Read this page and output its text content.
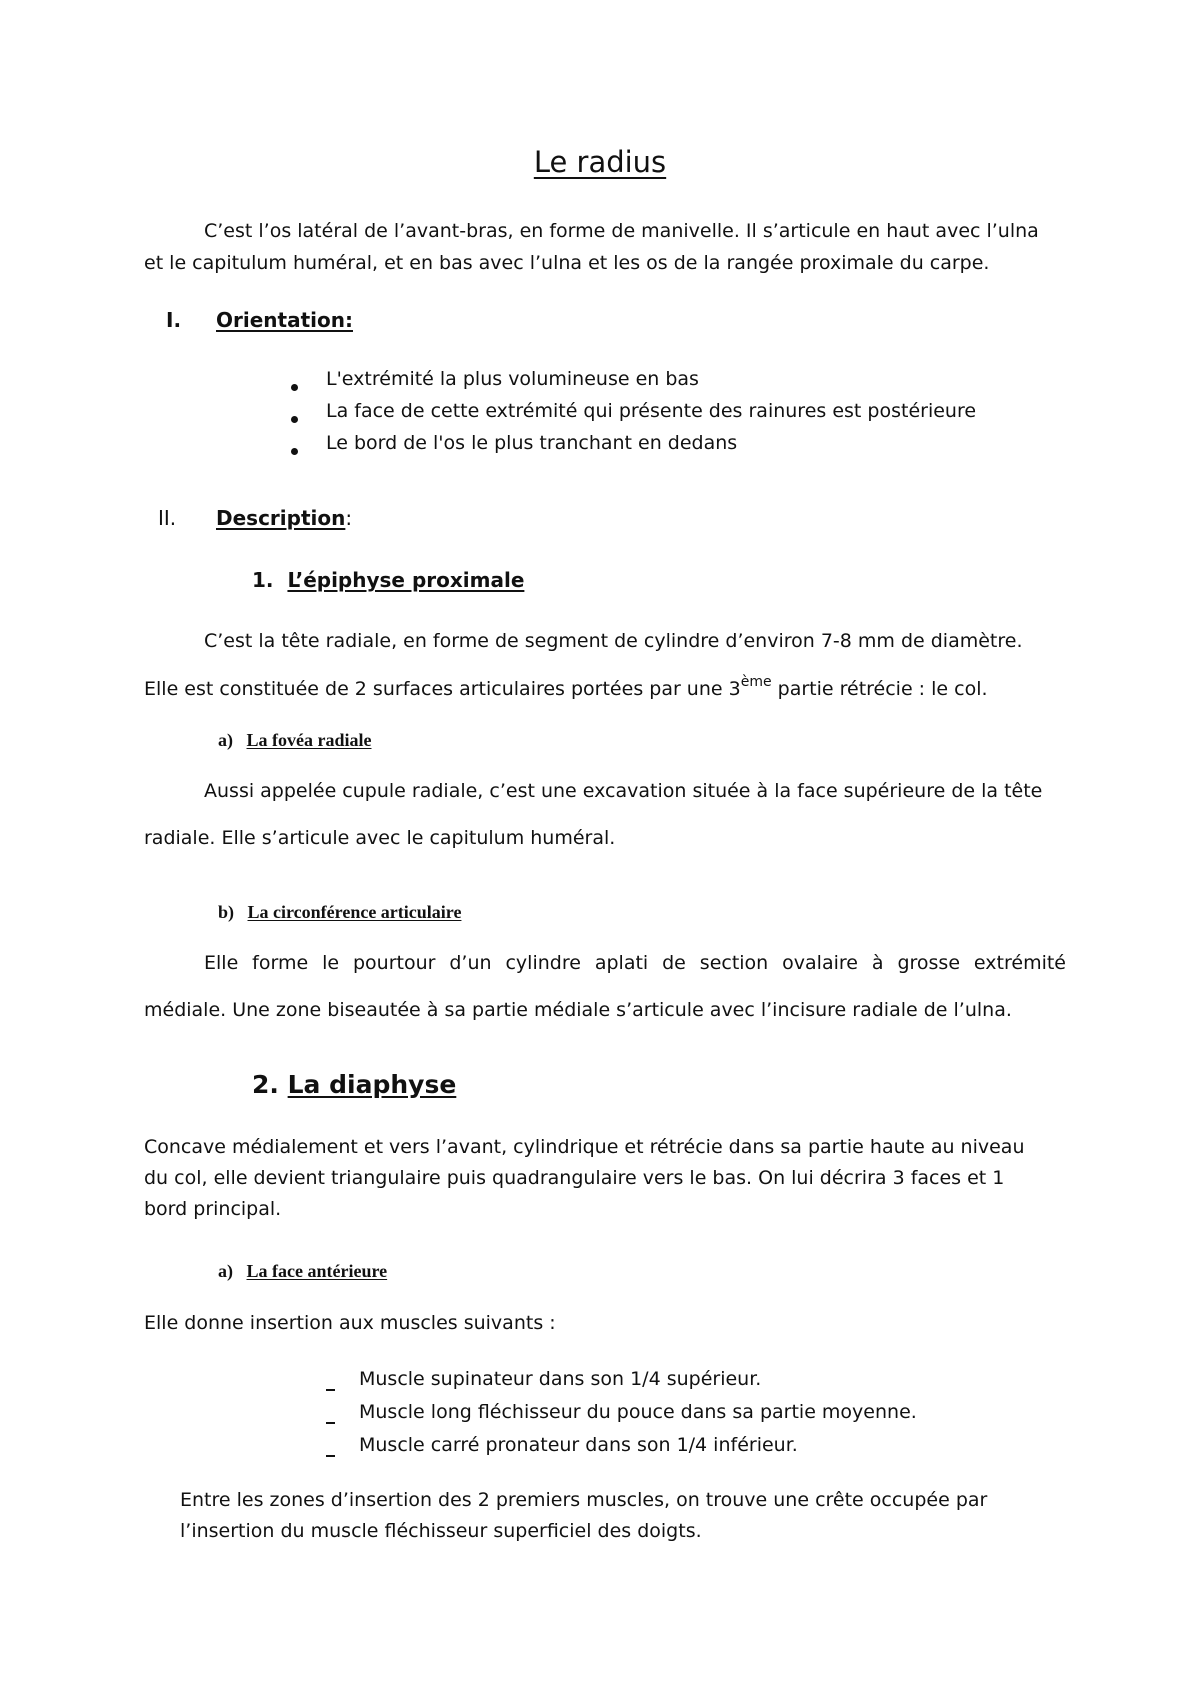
Le radius
C’est l’os latéral de l’avant-bras, en forme de manivelle. Il s’articule en haut avec l’ulna
et le capitulum huméral, et en bas avec l’ulna et les os de la rangée proximale du carpe.
I. Orientation:
L'extrémité la plus volumineuse en bas
La face de cette extrémité qui présente des rainures est postérieure
Le bord de l'os le plus tranchant en dedans
II. Description:
1. L’épiphyse proximale
C’est la tête radiale, en forme de segment de cylindre d’environ 7-8 mm de diamètre.
Elle est constituée de 2 surfaces articulaires portées par une 3ème partie rétrécie : le col.
a) La fovéa radiale
Aussi appelée cupule radiale, c’est une excavation située à la face supérieure de la tête
radiale. Elle s’articule avec le capitulum huméral.
b) La circonférence articulaire
Elle forme le pourtour d’un cylindre aplati de section ovalaire à grosse extrémité
médiale. Une zone biseautée à sa partie médiale s’articule avec l’incisure radiale de l’ulna.
2. La diaphyse
Concave médialement et vers l’avant, cylindrique et rétrécie dans sa partie haute au niveau
du col, elle devient triangulaire puis quadrangulaire vers le bas. On lui décrira 3 faces et 1
bord principal.
a) La face antérieure
Elle donne insertion aux muscles suivants :
Muscle supinateur dans son 1/4 supérieur.
Muscle long fléchisseur du pouce dans sa partie moyenne.
Muscle carré pronateur dans son 1/4 inférieur.
Entre les zones d’insertion des 2 premiers muscles, on trouve une crête occupée par
l’insertion du muscle fléchisseur superficiel des doigts.
